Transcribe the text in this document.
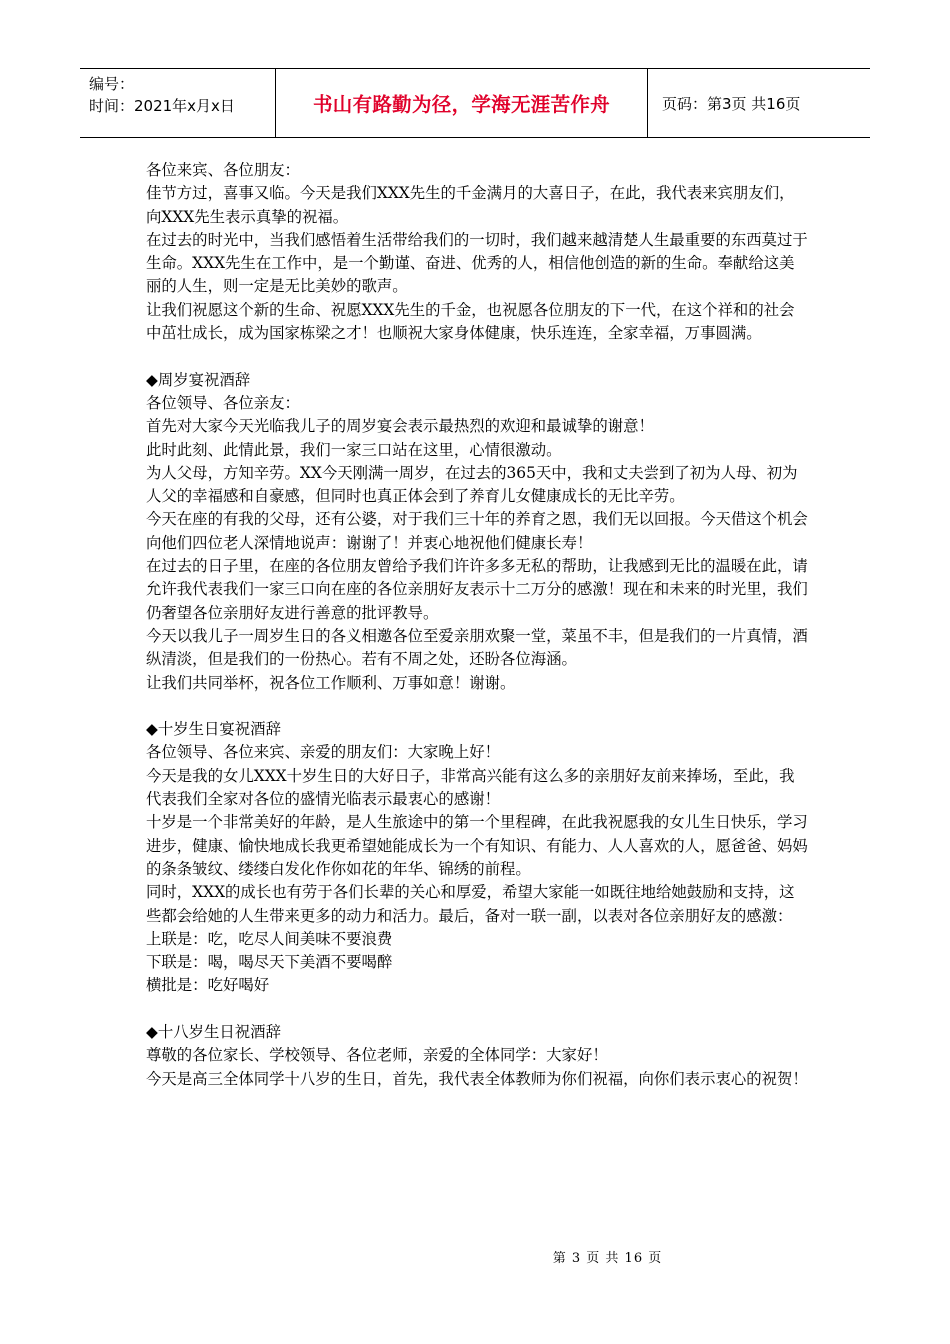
编号：
时间：2021年x月x日	书山有路勤为径，学海无涯苦作舟	页码：第3页 共16页

各位来宾、各位朋友：

佳节方过，喜事又临。今天是我们XXX先生的千金满月的大喜日子，在此，我代表来宾朋友们，向XXX先生表示真挚的祝福。

在过去的时光中，当我们感悟着生活带给我们的一切时，我们越来越清楚人生最重要的东西莫过于生命。XXX先生在工作中，是一个勤谨、奋进、优秀的人，相信他创造的新的生命。奉献给这美丽的人生，则一定是无比美妙的歌声。

让我们祝愿这个新的生命、祝愿XXX先生的千金，也祝愿各位朋友的下一代，在这个祥和的社会中茁壮成长，成为国家栋梁之才！也顺祝大家身体健康，快乐连连，全家幸福，万事圆满。

◆周岁宴祝酒辞

各位领导、各位亲友：

首先对大家今天光临我儿子的周岁宴会表示最热烈的欢迎和最诚挚的谢意！

此时此刻、此情此景，我们一家三口站在这里，心情很激动。

为人父母，方知辛劳。XX今天刚满一周岁，在过去的365天中，我和丈夫尝到了初为人母、初为人父的幸福感和自豪感，但同时也真正体会到了养育儿女健康成长的无比辛劳。

今天在座的有我的父母，还有公婆，对于我们三十年的养育之恩，我们无以回报。今天借这个机会向他们四位老人深情地说声：谢谢了！并衷心地祝他们健康长寿！

在过去的日子里，在座的各位朋友曾给予我们许许多多无私的帮助，让我感到无比的温暖在此，请允许我代表我们一家三口向在座的各位亲朋好友表示十二万分的感激！现在和未来的时光里，我们仍奢望各位亲朋好友进行善意的批评教导。

今天以我儿子一周岁生日的各义相邀各位至爱亲朋欢聚一堂，菜虽不丰，但是我们的一片真情，酒纵清淡，但是我们的一份热心。若有不周之处，还盼各位海涵。

让我们共同举杯，祝各位工作顺利、万事如意！谢谢。

◆十岁生日宴祝酒辞

各位领导、各位来宾、亲爱的朋友们：大家晚上好！

今天是我的女儿XXX十岁生日的大好日子，非常高兴能有这么多的亲朋好友前来捧场，至此，我代表我们全家对各位的盛情光临表示最衷心的感谢！

十岁是一个非常美好的年龄，是人生旅途中的第一个里程碑，在此我祝愿我的女儿生日快乐，学习进步，健康、愉快地成长我更希望她能成长为一个有知识、有能力、人人喜欢的人，愿爸爸、妈妈的条条皱纹、缕缕白发化作你如花的年华、锦绣的前程。

同时，XXX的成长也有劳于各们长辈的关心和厚爱，希望大家能一如既往地给她鼓励和支持，这些都会给她的人生带来更多的动力和活力。最后，备对一联一副，以表对各位亲朋好友的感激：

上联是：吃，吃尽人间美味不要浪费

下联是：喝，喝尽天下美酒不要喝醉

横批是：吃好喝好

◆十八岁生日祝酒辞

尊敬的各位家长、学校领导、各位老师，亲爱的全体同学：大家好！

今天是高三全体同学十八岁的生日，首先，我代表全体教师为你们祝福，向你们表示衷心的祝贺！

第 3 页 共 16 页
